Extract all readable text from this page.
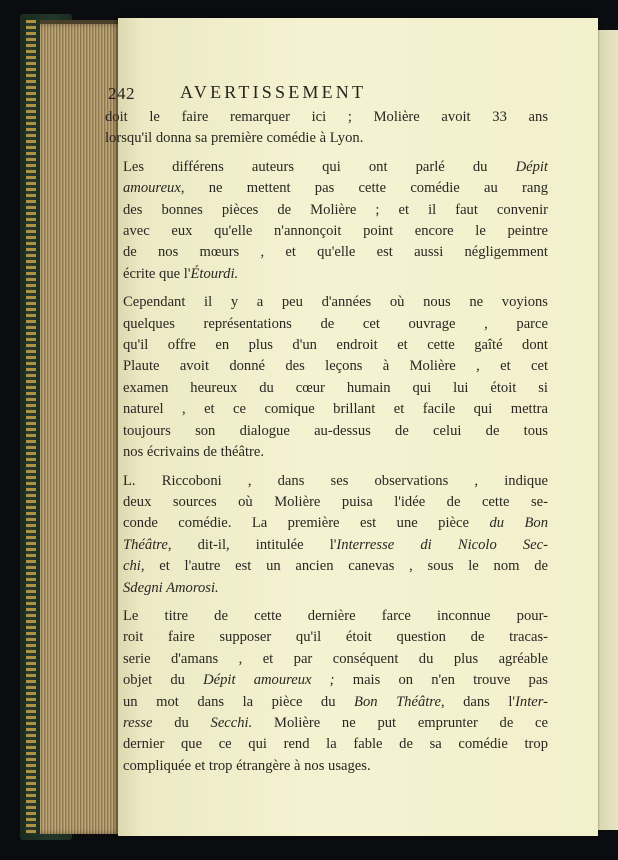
242	AVERTISSEMENT

doit le faire remarquer ici ; Molière avoit 33 ans
lorsqu'il donna sa première comédie à Lyon.

Les différens auteurs qui ont parlé du Dépit
amoureux, ne mettent pas cette comédie au rang
des bonnes pièces de Molière ; et il faut convenir
avec eux qu'elle n'annonçoit point encore le peintre
de nos mœurs , et qu'elle est aussi négligemment
écrite que l'Étourdi.

Cependant il y a peu d'années où nous ne voyions
quelques représentations de cet ouvrage , parce
qu'il offre en plus d'un endroit et cette gaîté dont
Plaute avoit donné des leçons à Molière , et cet
examen heureux du cœur humain qui lui étoit si
naturel , et ce comique brillant et facile qui mettra
toujours son dialogue au-dessus de celui de tous
nos écrivains de théâtre.

L. Riccoboni , dans ses observations , indique
deux sources où Molière puisa l'idée de cette se-
conde comédie. La première est une pièce du Bon
Théâtre, dit-il, intitulée l'Interresse di Nicolo Sec-
chi, et l'autre est un ancien canevas , sous le nom de
Sdegni Amorosi.

Le titre de cette dernière farce inconnue pour-
roit faire supposer qu'il étoit question de tracas-
serie d'amans , et par conséquent du plus agréable
objet du Dépit amoureux ; mais on n'en trouve pas
un mot dans la pièce du Bon Théâtre, dans l'Inter-
resse du Secchi. Molière ne put emprunter de ce
dernier que ce qui rend la fable de sa comédie trop
compliquée et trop étrangère à nos usages.
